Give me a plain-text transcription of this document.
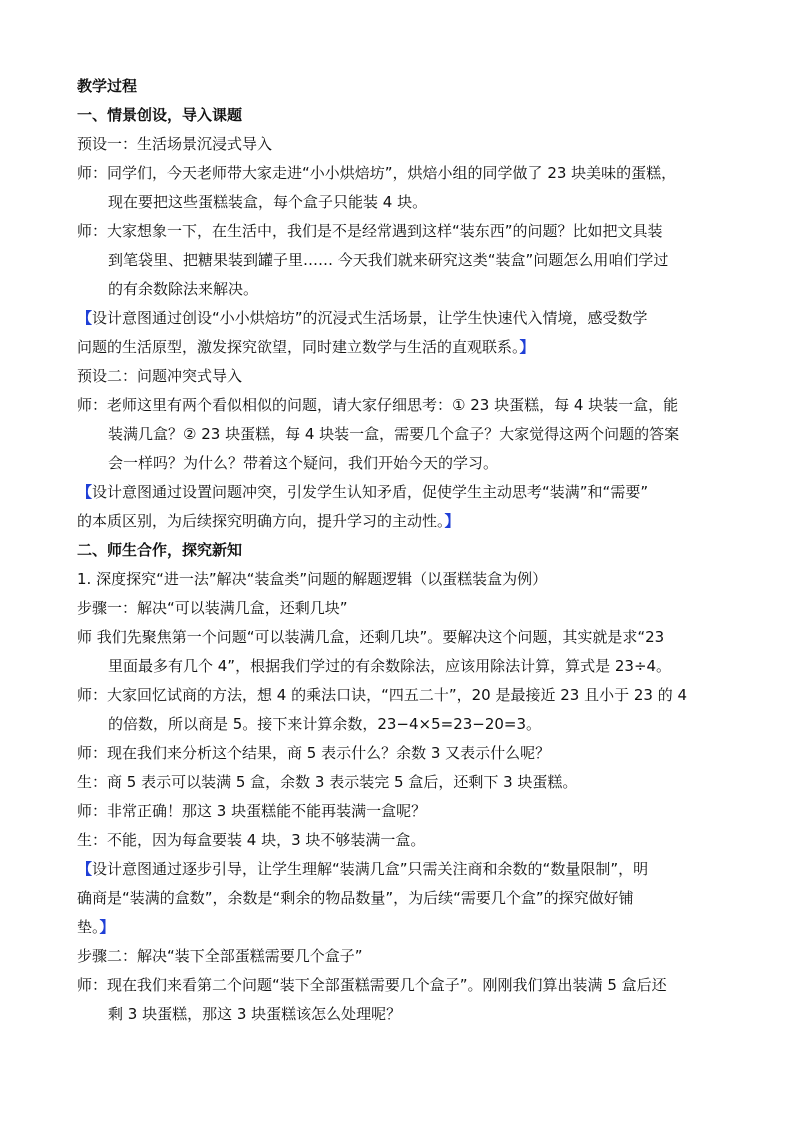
教学过程
一、情景创设，导入课题
预设一：生活场景沉浸式导入
师：同学们，今天老师带大家走进“小小烘焙坊”，烘焙小组的同学做了 23 块美味的蛋糕，
现在要把这些蛋糕装盒，每个盒子只能装 4 块。
师：大家想象一下，在生活中，我们是不是经常遇到这样“装东西”的问题？比如把文具装
到笔袋里、把糖果装到罐子里…… 今天我们就来研究这类“装盒”问题怎么用咱们学过
的有余数除法来解决。
【设计意图通过创设“小小烘焙坊”的沉浸式生活场景，让学生快速代入情境，感受数学
问题的生活原型，激发探究欲望，同时建立数学与生活的直观联系。】
预设二：问题冲突式导入
师：老师这里有两个看似相似的问题，请大家仔细思考：① 23 块蛋糕，每 4 块装一盒，能
装满几盒？② 23 块蛋糕，每 4 块装一盒，需要几个盒子？大家觉得这两个问题的答案
会一样吗？为什么？带着这个疑问，我们开始今天的学习。
【设计意图通过设置问题冲突，引发学生认知矛盾，促使学生主动思考“装满”和“需要”
的本质区别，为后续探究明确方向，提升学习的主动性。】
二、师生合作，探究新知
1. 深度探究“进一法”解决“装盒类”问题的解题逻辑（以蛋糕装盒为例）
步骤一：解决“可以装满几盒，还剩几块”
师 我们先聚焦第一个问题“可以装满几盒，还剩几块”。要解决这个问题，其实就是求“23
里面最多有几个 4”，根据我们学过的有余数除法，应该用除法计算，算式是 23÷4。
师：大家回忆试商的方法，想 4 的乘法口诀，“四五二十”，20 是最接近 23 且小于 23 的 4
的倍数，所以商是 5。接下来计算余数，23−4×5=23−20=3。
师：现在我们来分析这个结果，商 5 表示什么？余数 3 又表示什么呢？
生：商 5 表示可以装满 5 盒，余数 3 表示装完 5 盒后，还剩下 3 块蛋糕。
师：非常正确！那这 3 块蛋糕能不能再装满一盒呢？
生：不能，因为每盒要装 4 块，3 块不够装满一盒。
【设计意图通过逐步引导，让学生理解“装满几盒”只需关注商和余数的“数量限制”，明
确商是“装满的盒数”，余数是“剩余的物品数量”，为后续“需要几个盒”的探究做好铺
垫。】
步骤二：解决“装下全部蛋糕需要几个盒子”
师：现在我们来看第二个问题“装下全部蛋糕需要几个盒子”。刚刚我们算出装满 5 盒后还
剩 3 块蛋糕，那这 3 块蛋糕该怎么处理呢？
